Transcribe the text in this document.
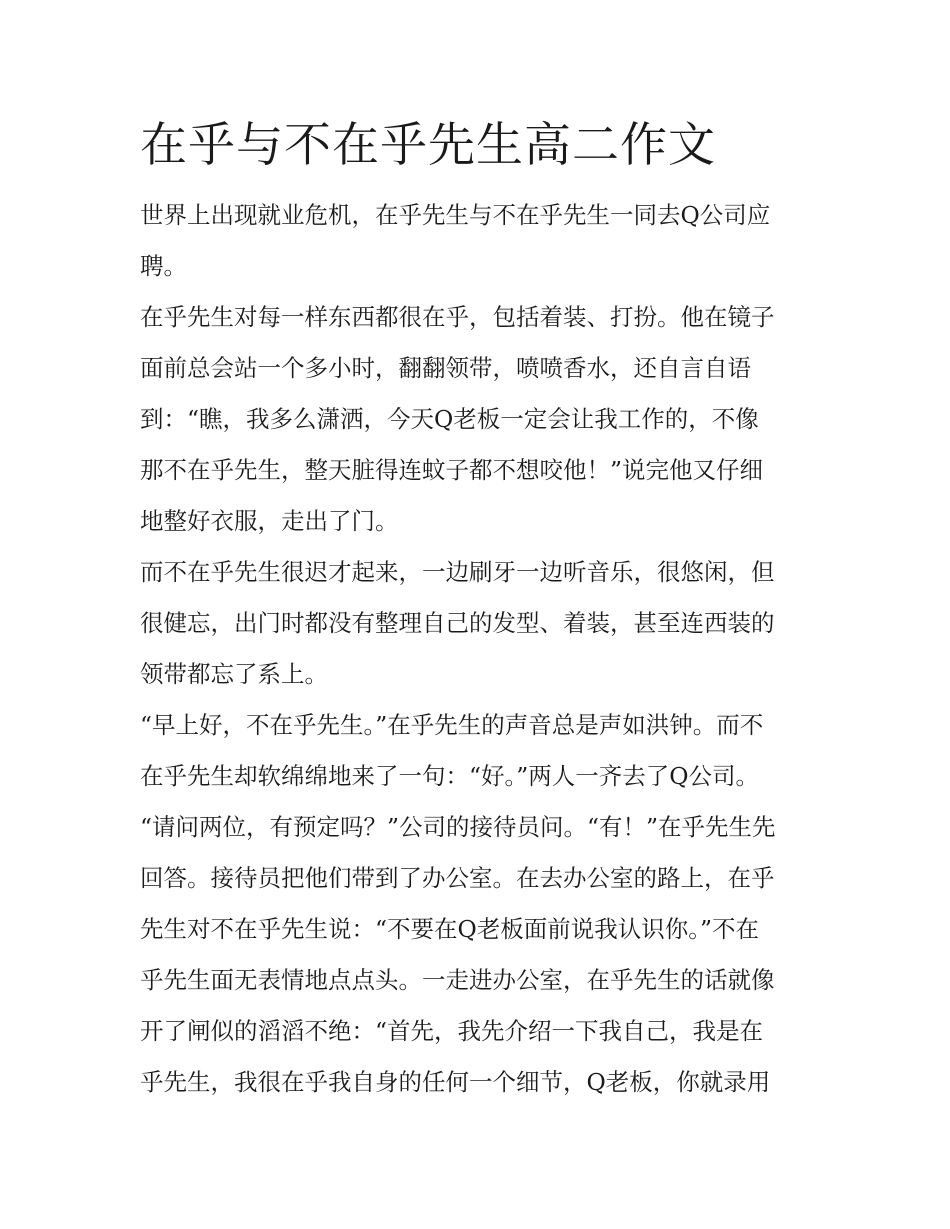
在乎与不在乎先生高二作文
世界上出现就业危机，在乎先生与不在乎先生一同去Q公司应
聘。
在乎先生对每一样东西都很在乎，包括着装、打扮。他在镜子
面前总会站一个多小时，翻翻领带，喷喷香水，还自言自语
到：“瞧，我多么潇洒，今天Q老板一定会让我工作的，不像
那不在乎先生，整天脏得连蚊子都不想咬他！”说完他又仔细
地整好衣服，走出了门。
而不在乎先生很迟才起来，一边刷牙一边听音乐，很悠闲，但
很健忘，出门时都没有整理自己的发型、着装，甚至连西装的
领带都忘了系上。
“早上好，不在乎先生。”在乎先生的声音总是声如洪钟。而不
在乎先生却软绵绵地来了一句：“好。”两人一齐去了Q公司。
“请问两位，有预定吗？”公司的接待员问。“有！”在乎先生先
回答。接待员把他们带到了办公室。在去办公室的路上，在乎
先生对不在乎先生说：“不要在Q老板面前说我认识你。”不在
乎先生面无表情地点点头。一走进办公室，在乎先生的话就像
开了闸似的滔滔不绝：“首先，我先介绍一下我自己，我是在
乎先生，我很在乎我自身的任何一个细节，Q老板，你就录用
